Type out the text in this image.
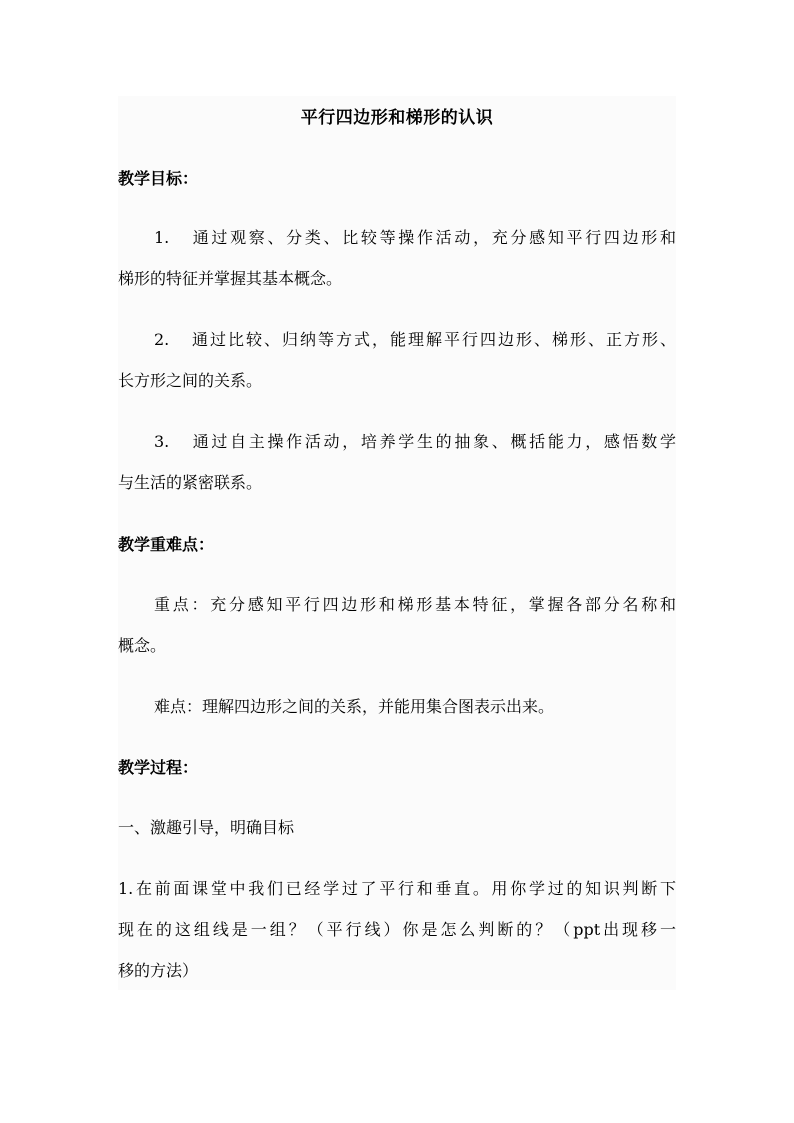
平行四边形和梯形的认识
教学目标：
1. 通过观察、分类、比较等操作活动，充分感知平行四边形和
梯形的特征并掌握其基本概念。
2. 通过比较、归纳等方式，能理解平行四边形、梯形、正方形、
长方形之间的关系。
3. 通过自主操作活动，培养学生的抽象、概括能力，感悟数学
与生活的紧密联系。
教学重难点：
重点：充分感知平行四边形和梯形基本特征，掌握各部分名称和
概念。
难点：理解四边形之间的关系，并能用集合图表示出来。
教学过程：
一、激趣引导，明确目标
1.在前面课堂中我们已经学过了平行和垂直。用你学过的知识判断下
现在的这组线是一组？（平行线）你是怎么判断的？（ppt出现移一
移的方法）
